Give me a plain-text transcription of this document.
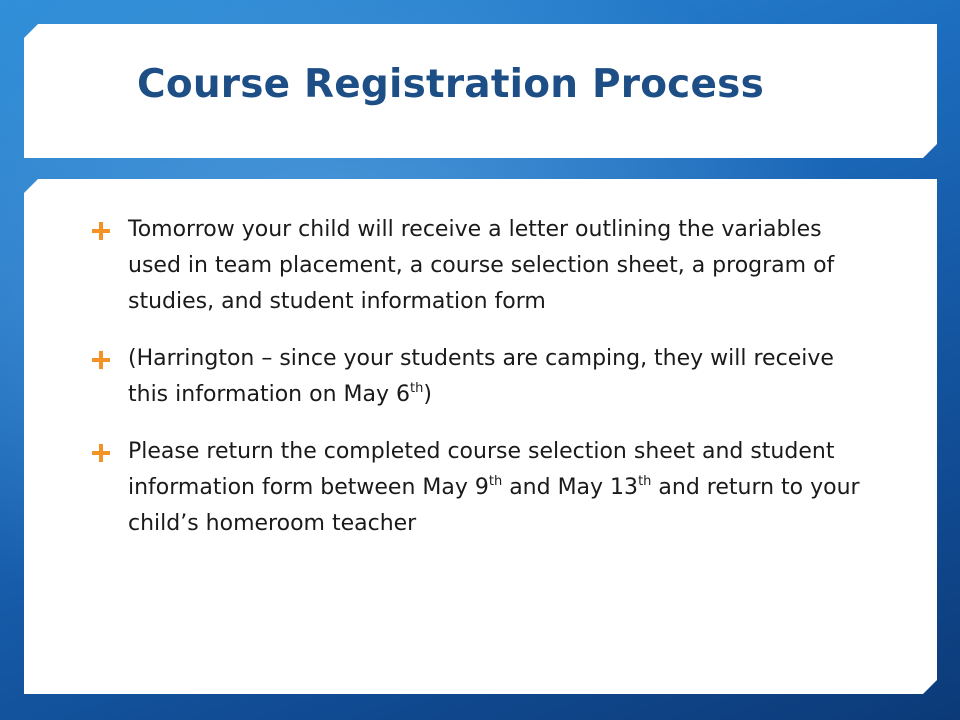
Course Registration Process
Tomorrow your child will receive a letter outlining the variables used in team placement, a course selection sheet, a program of studies, and student information form
(Harrington – since your students are camping, they will receive this information on May 6th)
Please return the completed course selection sheet and student information form between May 9th and May 13th and return to your child’s homeroom teacher
